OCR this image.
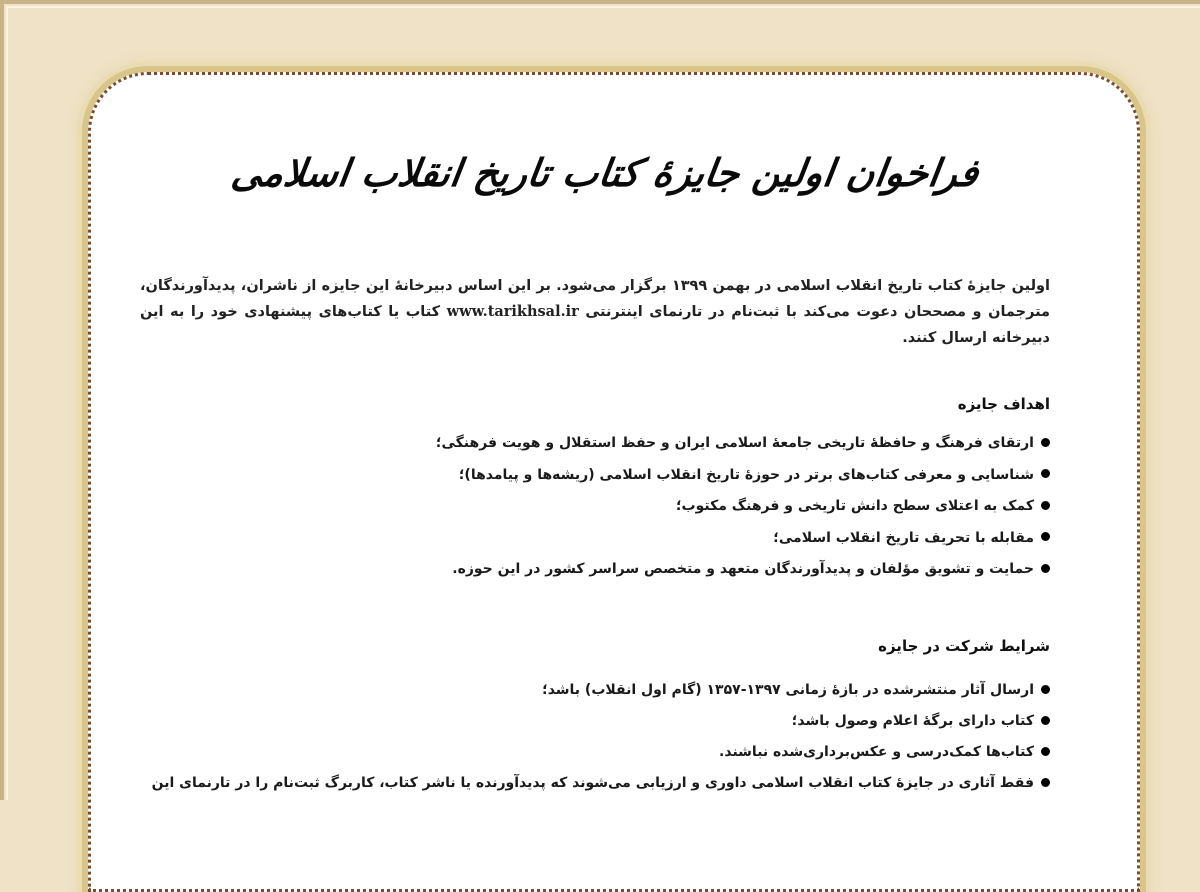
فراخوان اولین جایزهٔ کتاب تاریخ انقلاب اسلامی

اولین جایزهٔ کتاب تاریخ انقلاب اسلامی در بهمن ۱۳۹۹ برگزار می‌شود. بر این اساس دبیرخانهٔ این جایزه از ناشران، پدیدآورندگان، مترجمان و مصححان دعوت می‌کند با ثبت‌نام در تارنمای اینترنتی www.tarikhsal.ir کتاب یا کتاب‌های پیشنهادی خود را به این دبیرخانه ارسال کنند.

اهداف جایزه
ارتقای فرهنگ و حافظهٔ تاریخی جامعهٔ اسلامی ایران و حفظ استقلال و هویت فرهنگی؛
شناسایی و معرفی کتاب‌های برتر در حوزهٔ تاریخ انقلاب اسلامی (ریشه‌ها و پیامدها)؛
کمک به اعتلای سطح دانش تاریخی و فرهنگ مکتوب؛
مقابله با تحریف تاریخ انقلاب اسلامی؛
حمایت و تشویق مؤلفان و پدیدآورندگان متعهد و متخصص سراسر کشور در این حوزه.
شرایط شرکت در جایزه
ارسال آثار منتشرشده در بازهٔ زمانی ۱۳۹۷-۱۳۵۷ (گام اول انقلاب) باشد؛
کتاب دارای برگهٔ اعلام وصول باشد؛
کتاب‌ها کمک‌درسی و عکس‌برداری‌شده نباشند.
فقط آثاری در جایزهٔ کتاب انقلاب اسلامی داوری و ارزیابی می‌شوند که پدیدآورنده یا ناشر کتاب، کاربرگ ثبت‌نام را در تارنمای این
